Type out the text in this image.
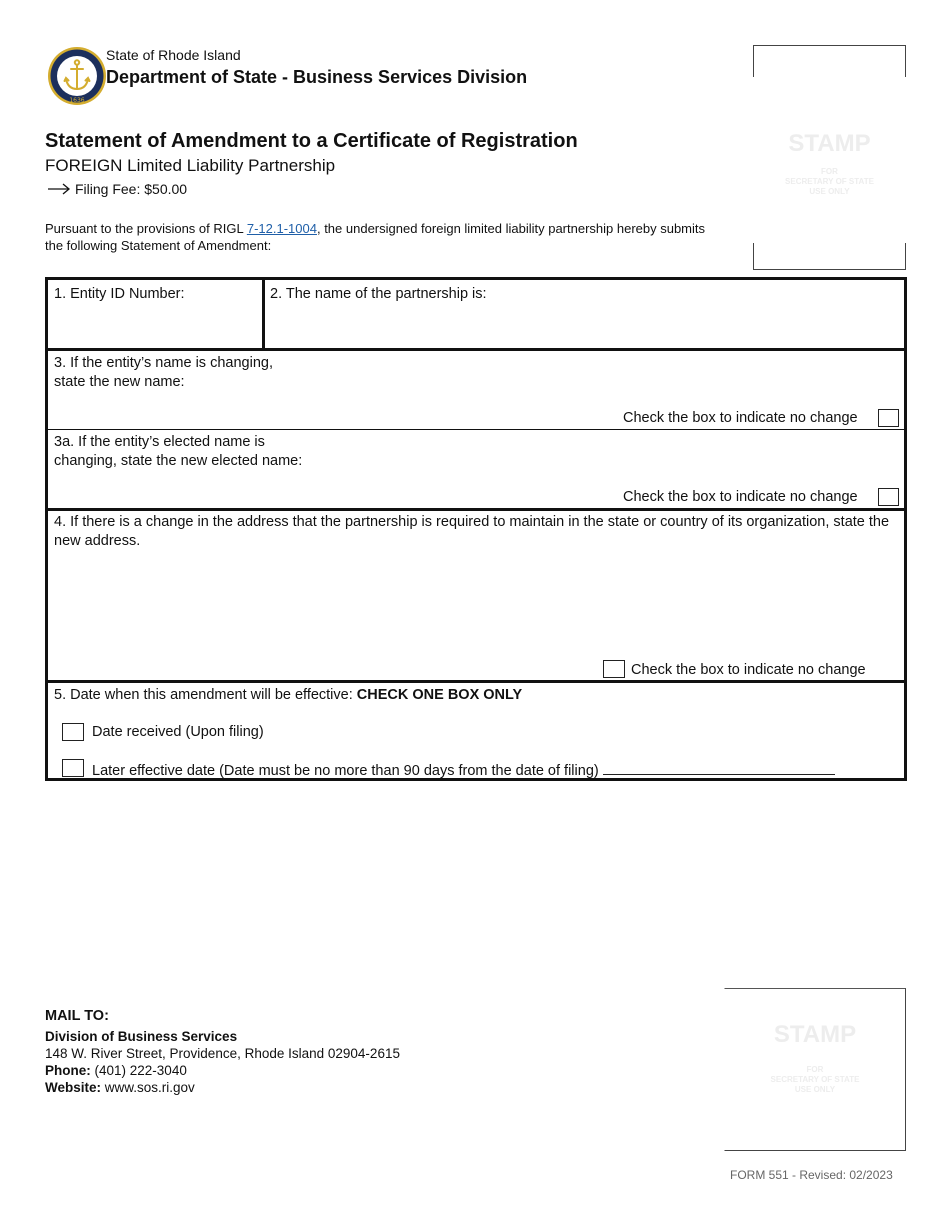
1636
State of Rhode Island
Department of State - Business Services Division
STAMP
FOR
SECRETARY OF STATE
USE ONLY
Statement of Amendment to a Certificate of Registration
FOREIGN Limited Liability Partnership
Filing Fee: $50.00
Pursuant to the provisions of RIGL 7-12.1-1004, the undersigned foreign limited liability partnership hereby submits the following Statement of Amendment:
1. Entity ID Number:	2. The name of the partnership is:
3. If the entity’s name is changing,
state the new name:
Check the box to indicate no change
3a. If the entity’s elected name is
changing, state the new elected name:
Check the box to indicate no change
4. If there is a change in the address that the partnership is required to maintain in the state or country of its organization, state the new address.
Check the box to indicate no change
5. Date when this amendment will be effective: CHECK ONE BOX ONLY
Date received (Upon filing)
Later effective date (Date must be no more than 90 days from the date of filing)
MAIL TO:
Division of Business Services
148 W. River Street, Providence, Rhode Island 02904-2615
Phone: (401) 222-3040
Website: www.sos.ri.gov
STAMP
FOR
SECRETARY OF STATE
USE ONLY
FORM 551 - Revised: 02/2023
